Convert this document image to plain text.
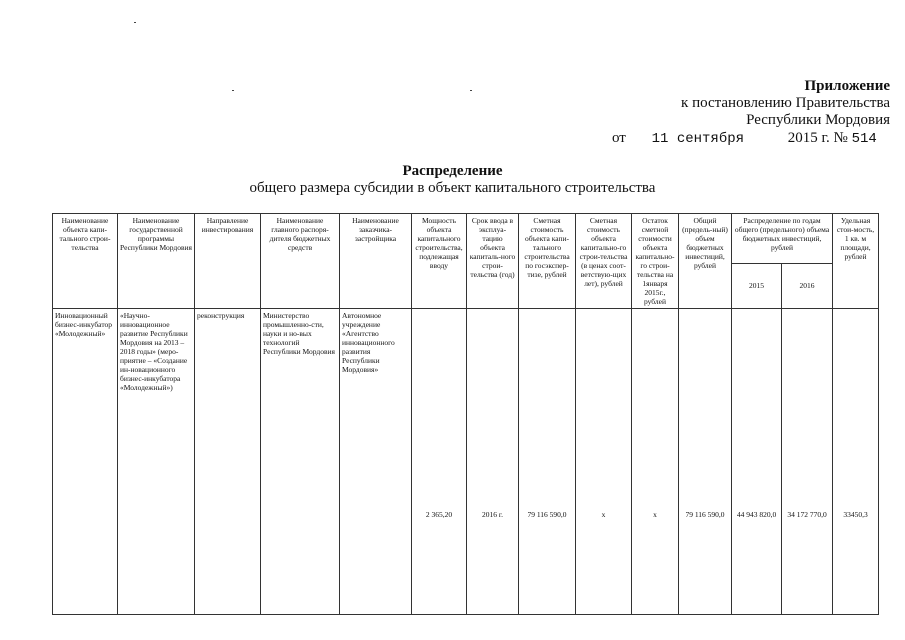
Приложение
к постановлению Правительства
Республики Мордовия
от 11 сентября	2015 г. № 514
Распределение
общего размера субсидии в объект капитального строительства
Наименование объекта капи-тального строи-тельства	Наименование государственной программы Республики Мордовия	Направление инвестирования	Наименование главного распоря-дителя бюджетных средств	Наименование заказчика-застройщика	Мощность объекта капитального строительства, подлежащая вводу	Срок ввода в эксплуа-тацию объекта капиталь-ного строи-тельства (год)	Сметная стоимость объекта капи-тального строительства по госэкспер-тизе, рублей	Сметная стоимость объекта капитально-го строи-тельства (в ценах соот-ветствую-щих лет), рублей	Остаток сметной стоимости объекта капитально-го строи-тельства на 1января 2015г., рублей	Общий (предель-ный) объем бюджетных инвестиций, рублей	Распределение по годам общего (предельного) объема бюджетных инвестиций, рублей		Удельная стои-мость, 1 кв. м площади, рублей
											2015	2016	
Инновационный бизнес-инкубатор «Молодежный»	«Научно-инновационное развитие Республики Мордовия на 2013 – 2018 годы» (меро-приятие – «Создание ин-новационного бизнес-инкубатора «Молодежный»)	реконструкция	Министерство промышленно-сти, науки и но-вых технологий Республики Мордовия	Автономное учреждение «Агентство инновационного развития Республики Мордовия»	2 365,20	2016 г.	79 116 590,0	х	х	79 116 590,0	44 943 820,0	34 172 770,0	33450,3
